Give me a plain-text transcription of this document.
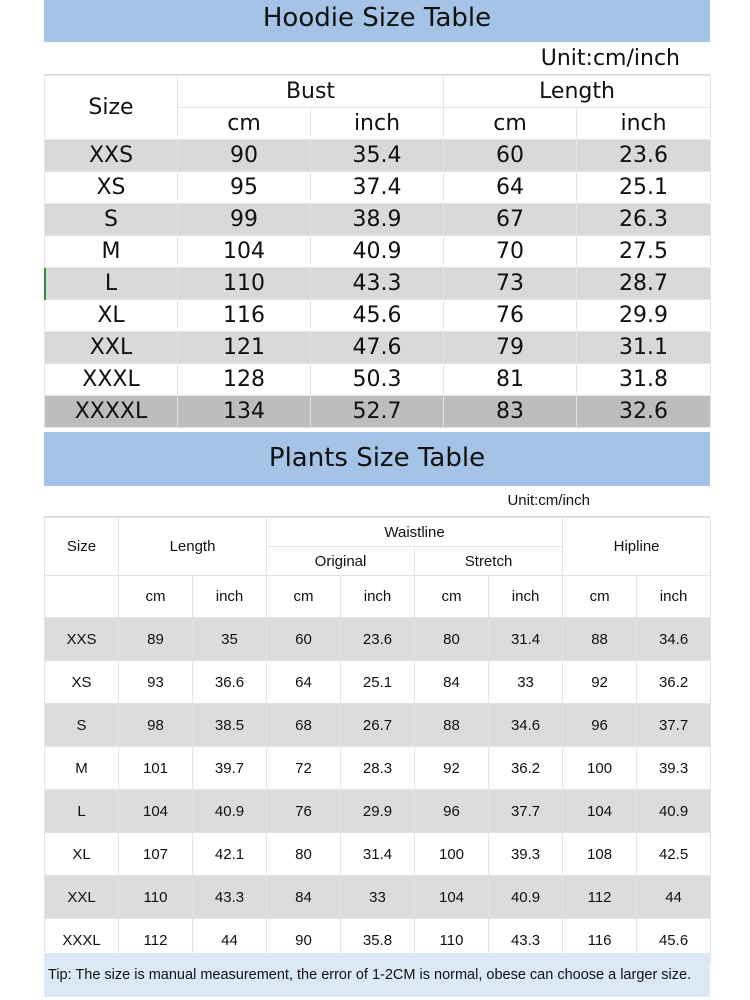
Hoodie Size Table
Unit:cm/inch
Size	Bust		Length	
	cm	inch	cm	inch
XXS	90	35.4	60	23.6
XS	95	37.4	64	25.1
S	99	38.9	67	26.3
M	104	40.9	70	27.5
L	110	43.3	73	28.7
XL	116	45.6	76	29.9
XXL	121	47.6	79	31.1
XXXL	128	50.3	81	31.8
XXXXL	134	52.7	83	32.6
Plants Size Table
Unit:cm/inch
Size	Length		Waistline				Hipline	
			Original		Stretch			
	cm	inch	cm	inch	cm	inch	cm	inch
XXS	89	35	60	23.6	80	31.4	88	34.6
XS	93	36.6	64	25.1	84	33	92	36.2
S	98	38.5	68	26.7	88	34.6	96	37.7
M	101	39.7	72	28.3	92	36.2	100	39.3
L	104	40.9	76	29.9	96	37.7	104	40.9
XL	107	42.1	80	31.4	100	39.3	108	42.5
XXL	110	43.3	84	33	104	40.9	112	44
XXXL	112	44	90	35.8	110	43.3	116	45.6
Tip: The size is manual measurement, the error of 1-2CM is normal, obese can choose a larger size.
